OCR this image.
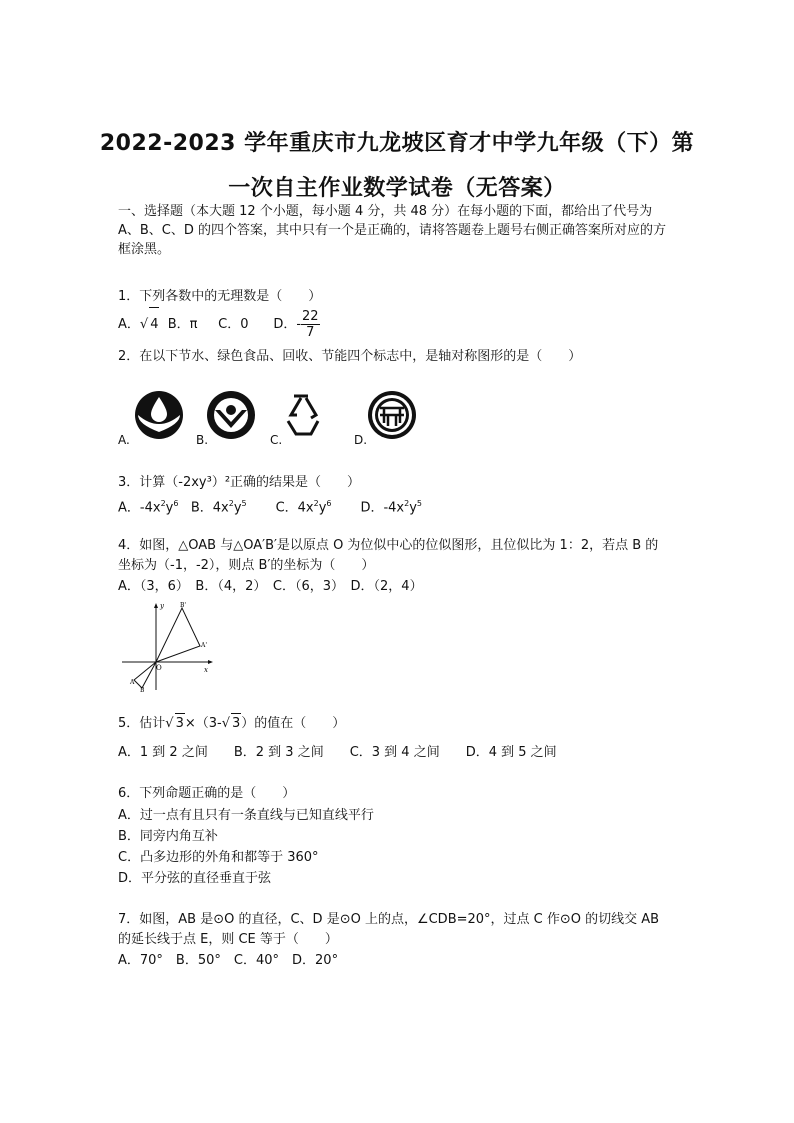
2022-2023 学年重庆市九龙坡区育才中学九年级（下）第
一次自主作业数学试卷（无答案）
一、选择题（本大题 12 个小题，每小题 4 分，共 48 分）在每小题的下面，都给出了代号为 A、B、C、D 的四个答案，其中只有一个是正确的，请将答题卷上题号右侧正确答案所对应的方框涂黑。
1．下列各数中的无理数是（　　）
A．√ 4 B．π C．0 D．- $\frac{22}{7}$
2．在以下节水、绿色食品、回收、节能四个标志中，是轴对称图形的是（　　）
A.	B.	C.	D.
3．计算（-2xy³）²正确的结果是（　　）
A．$-4x^2y^6$ B．$4x^2y^5$ C．$4x^2y^6$ D．$-4x^2y^5$
4．如图，△OAB 与△OA′B′是以原点 O 为位似中心的位似图形，且位似比为 1：2，若点 B 的
坐标为（-1，-2），则点 B′的坐标为（　　）
A．（3，6）　B．（4，2）　C．（6，3）　D．（2，4）
y
x
O
B'
A'
A
B
5．估计√ 3×（3-√ 3）的值在（　　）
A．1 到 2 之间　　B．2 到 3 之间　　C．3 到 4 之间　　D．4 到 5 之间
6．下列命题正确的是（　　）
A．过一点有且只有一条直线与已知直线平行
B．同旁内角互补
C．凸多边形的外角和都等于 360°
D．平分弦的直径垂直于弦
7．如图，AB 是⊙O 的直径，C、D 是⊙O 上的点，∠CDB=20°，过点 C 作⊙O 的切线交 AB
的延长线于点 E，则 CE 等于（　　）
A．70°　B．50°　C．40°　D．20°
